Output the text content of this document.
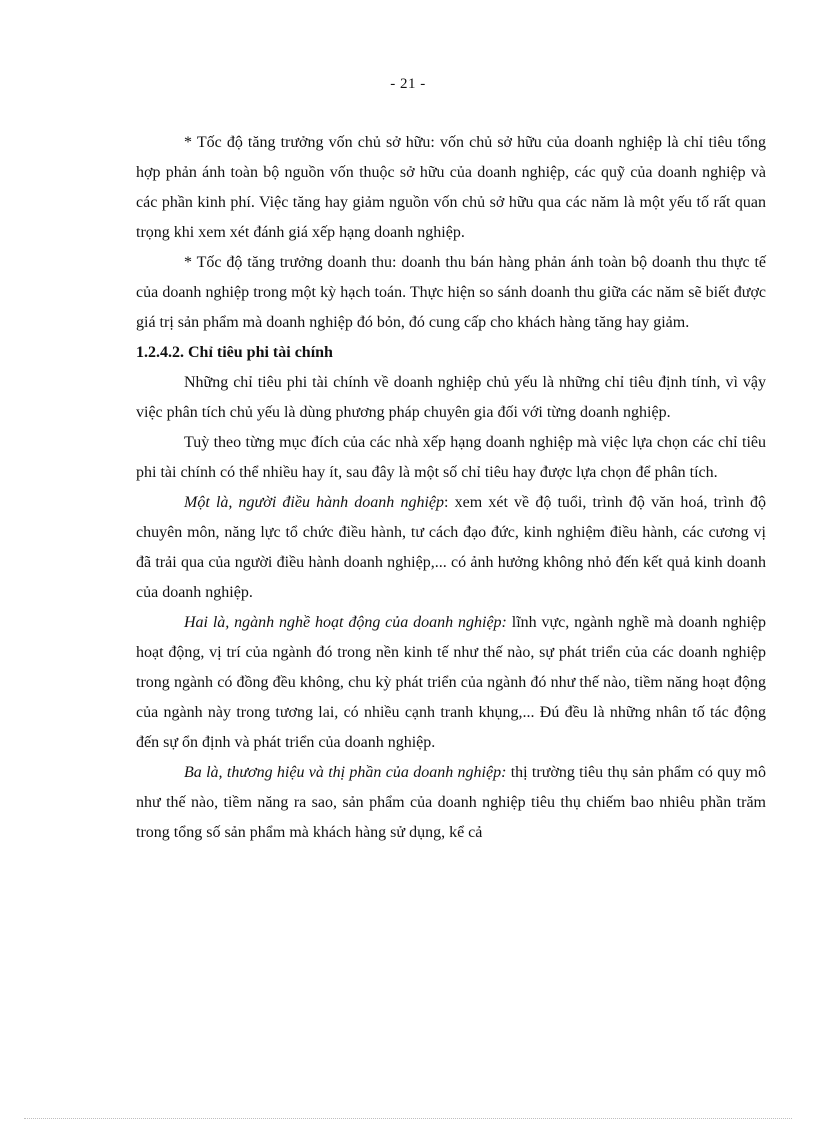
- 21 -

* Tốc độ tăng trưởng vốn chủ sở hữu: vốn chủ sở hữu của doanh nghiệp là chỉ tiêu tổng hợp phản ánh toàn bộ nguồn vốn thuộc sở hữu của doanh nghiệp, các quỹ của doanh nghiệp và các phần kinh phí. Việc tăng hay giảm nguồn vốn chủ sở hữu qua các năm là một yếu tố rất quan trọng khi xem xét đánh giá xếp hạng doanh nghiệp.

* Tốc độ tăng trưởng doanh thu: doanh thu bán hàng phản ánh toàn bộ doanh thu thực tế của doanh nghiệp trong một kỳ hạch toán. Thực hiện so sánh doanh thu giữa các năm sẽ biết được giá trị sản phẩm mà doanh nghiệp đó bỏn, đó cung cấp cho khách hàng tăng hay giảm.

1.2.4.2. Chỉ tiêu phi tài chính

Những chỉ tiêu phi tài chính về doanh nghiệp chủ yếu là những chỉ tiêu định tính, vì vậy việc phân tích chủ yếu là dùng phương pháp chuyên gia đối với từng doanh nghiệp.

Tuỳ theo từng mục đích của các nhà xếp hạng doanh nghiệp mà việc lựa chọn các chỉ tiêu phi tài chính có thể nhiều hay ít, sau đây là một số chỉ tiêu hay được lựa chọn để phân tích.

Một là, người điều hành doanh nghiệp: xem xét về độ tuổi, trình độ văn hoá, trình độ chuyên môn, năng lực tổ chức điều hành, tư cách đạo đức, kinh nghiệm điều hành, các cương vị đã trải qua của người điều hành doanh nghiệp,... có ảnh hưởng không nhỏ đến kết quả kinh doanh của doanh nghiệp.

Hai là, ngành nghề hoạt động của doanh nghiệp: lĩnh vực, ngành nghề mà doanh nghiệp hoạt động, vị trí của ngành đó trong nền kinh tế như thế nào, sự phát triển của các doanh nghiệp trong ngành có đồng đều không, chu kỳ phát triển của ngành đó như thế nào, tiềm năng hoạt động của ngành này trong tương lai, có nhiều cạnh tranh khụng,... Đú đều là những nhân tố tác động đến sự ổn định và phát triển của doanh nghiệp.

Ba là, thương hiệu và thị phần của doanh nghiệp: thị trường tiêu thụ sản phẩm có quy mô như thế nào, tiềm năng ra sao, sản phẩm của doanh nghiệp tiêu thụ chiếm bao nhiêu phần trăm trong tổng số sản phẩm mà khách hàng sử dụng, kể cả
